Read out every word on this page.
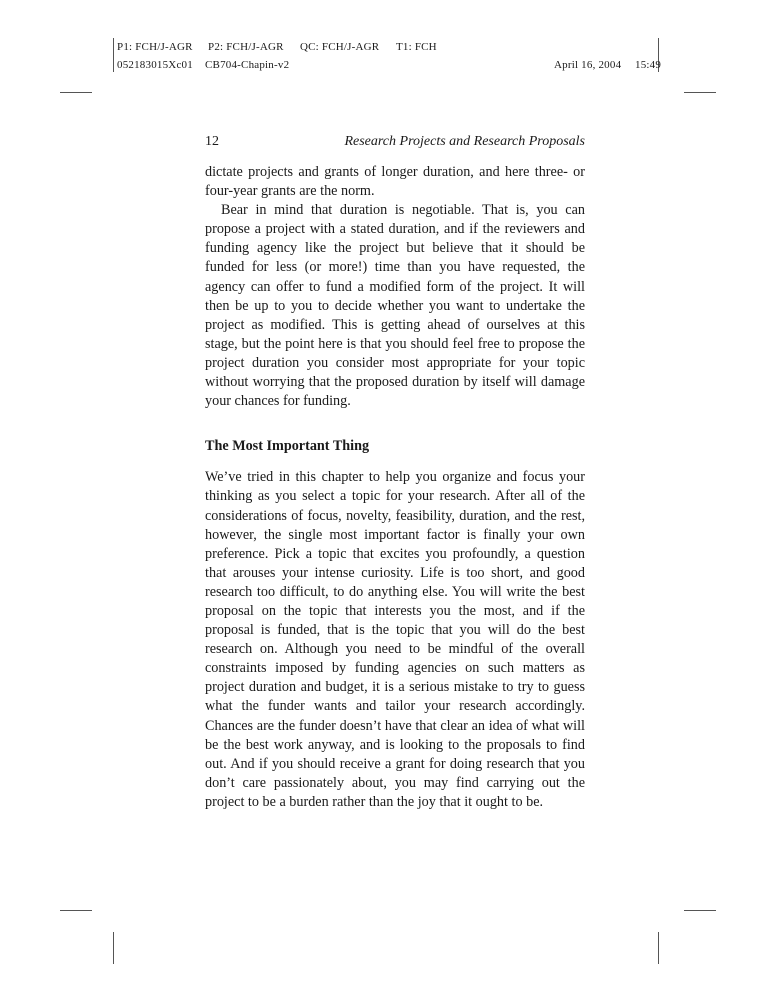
P1: FCH/J-AGR P2: FCH/J-AGR QC: FCH/J-AGR T1: FCH
052183015Xc01 CB704-Chapin-v2	April 16, 2004 15:49
12	Research Projects and Research Proposals

dictate projects and grants of longer duration, and here three- or four-year grants are the norm.

Bear in mind that duration is negotiable. That is, you can propose a project with a stated duration, and if the reviewers and funding agency like the project but believe that it should be funded for less (or more!) time than you have requested, the agency can offer to fund a modified form of the project. It will then be up to you to decide whether you want to undertake the project as modified. This is getting ahead of ourselves at this stage, but the point here is that you should feel free to propose the project duration you consider most appropriate for your topic without worrying that the proposed duration by itself will damage your chances for funding.

The Most Important Thing

We’ve tried in this chapter to help you organize and focus your thinking as you select a topic for your research. After all of the considerations of focus, novelty, feasibility, duration, and the rest, however, the single most important factor is finally your own preference. Pick a topic that excites you profoundly, a question that arouses your intense curiosity. Life is too short, and good research too difficult, to do anything else. You will write the best proposal on the topic that interests you the most, and if the proposal is funded, that is the topic that you will do the best research on. Although you need to be mindful of the overall constraints imposed by funding agencies on such matters as project duration and budget, it is a serious mistake to try to guess what the funder wants and tailor your research accordingly. Chances are the funder doesn’t have that clear an idea of what will be the best work anyway, and is looking to the proposals to find out. And if you should receive a grant for doing research that you don’t care passionately about, you may find carrying out the project to be a burden rather than the joy that it ought to be.
